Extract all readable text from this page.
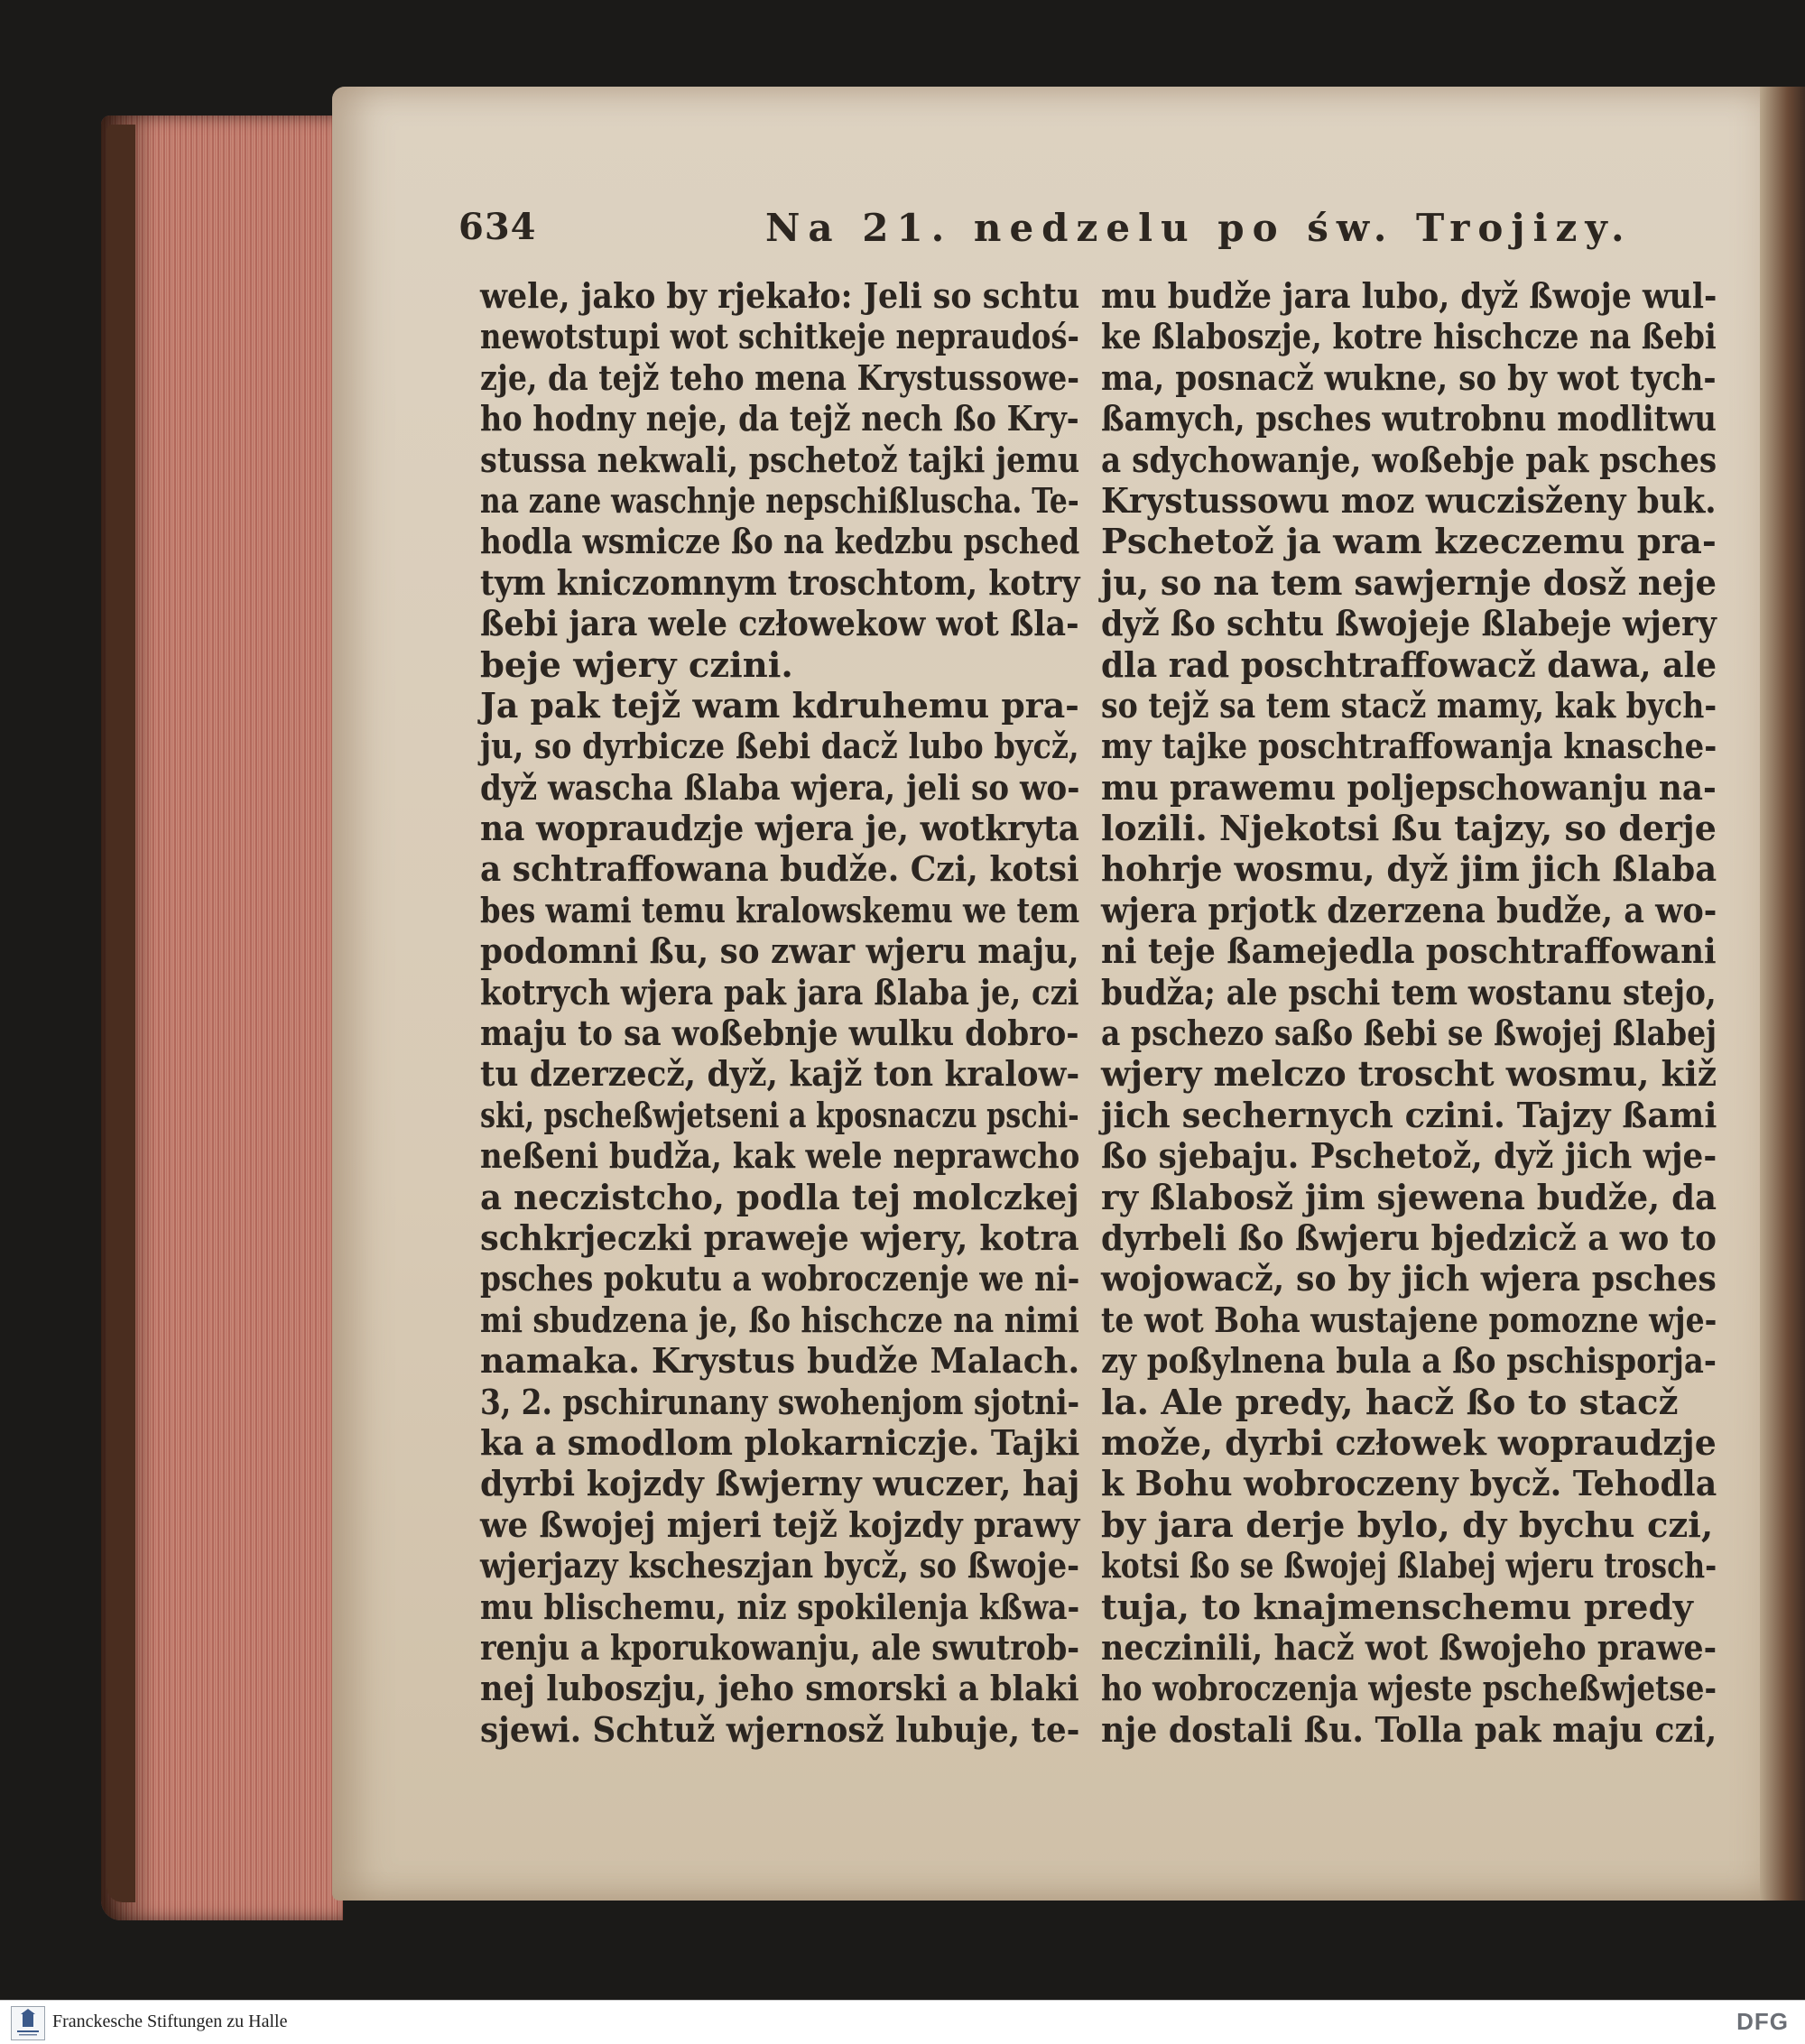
634	Na 21. nedzelu po św. Trojizy.
wele, jako by rjekało: Jeli so schtu
newotstupi wot schitkeje nepraudoś-
zje, da tejž teho mena Krystussowe-
ho hodny neje, da tejž nech ßo Kry-
stussa nekwali, pschetož tajki jemu
na zane waschnje nepschißluscha. Te-
hodla wsmicze ßo na kedzbu psched
tym kniczomnym troschtom, kotry
ßebi jara wele człowekow wot ßla-
beje wjery czini.
Ja pak tejž wam kdruhemu pra-
ju, so dyrbicze ßebi dacž lubo bycž,
dyž wascha ßlaba wjera, jeli so wo-
na wopraudzje wjera je, wotkryta
a schtraffowana budže. Czi, kotsi
bes wami temu kralowskemu we tem
podomni ßu, so zwar wjeru maju,
kotrych wjera pak jara ßlaba je, czi
maju to sa woßebnje wulku dobro-
tu dzerzecž, dyž, kajž ton kralow-
ski, pscheßwjetseni a kposnaczu pschi-
neßeni budža, kak wele neprawcho
a neczistcho, podla tej molczkej
schkrjeczki praweje wjery, kotra
psches pokutu a wobroczenje we ni-
mi sbudzena je, ßo hischcze na nimi
namaka. Krystus budže Malach.
3, 2. pschirunany swohenjom sjotni-
ka a smodlom plokarniczje. Tajki
dyrbi kojzdy ßwjerny wuczer, haj
we ßwojej mjeri tejž kojzdy prawy
wjerjazy kscheszjan bycž, so ßwoje-
mu blischemu, niz spokilenja kßwa-
renju a kporukowanju, ale swutrob-
nej luboszju, jeho smorski a blaki
sjewi. Schtuž wjernosž lubuje, te-
mu budže jara lubo, dyž ßwoje wul-
ke ßlaboszje, kotre hischcze na ßebi
ma, posnacž wukne, so by wot tych-
ßamych, psches wutrobnu modlitwu
a sdychowanje, woßebje pak psches
Krystussowu moz wuczisženy buk.
Pschetož ja wam kzeczemu pra-
ju, so na tem sawjernje dosž neje
dyž ßo schtu ßwojeje ßlabeje wjery
dla rad poschtraffowacž dawa, ale
so tejž sa tem stacž mamy, kak bych-
my tajke poschtraffowanja knasche-
mu prawemu poljepschowanju na-
lozili. Njekotsi ßu tajzy, so derje
hohrje wosmu, dyž jim jich ßlaba
wjera prjotk dzerzena budže, a wo-
ni teje ßamejedla poschtraffowani
budža; ale pschi tem wostanu stejo,
a pschezo saßo ßebi se ßwojej ßlabej
wjery melczo troscht wosmu, kiž
jich sechernych czini. Tajzy ßami
ßo sjebaju. Pschetož, dyž jich wje-
ry ßlabosž jim sjewena budže, da
dyrbeli ßo ßwjeru bjedzicž a wo to
wojowacž, so by jich wjera psches
te wot Boha wustajene pomozne wje-
zy poßylnena bula a ßo pschisporja-
la. Ale predy, hacž ßo to stacž
može, dyrbi człowek wopraudzje
k Bohu wobroczeny bycž. Tehodla
by jara derje bylo, dy bychu czi,
kotsi ßo se ßwojej ßlabej wjeru trosch-
tuja, to knajmenschemu predy
neczinili, hacž wot ßwojeho prawe-
ho wobroczenja wjeste pscheßwjetse-
nje dostali ßu. Tolla pak maju czi,
Franckesche Stiftungen zu Halle	DFG
